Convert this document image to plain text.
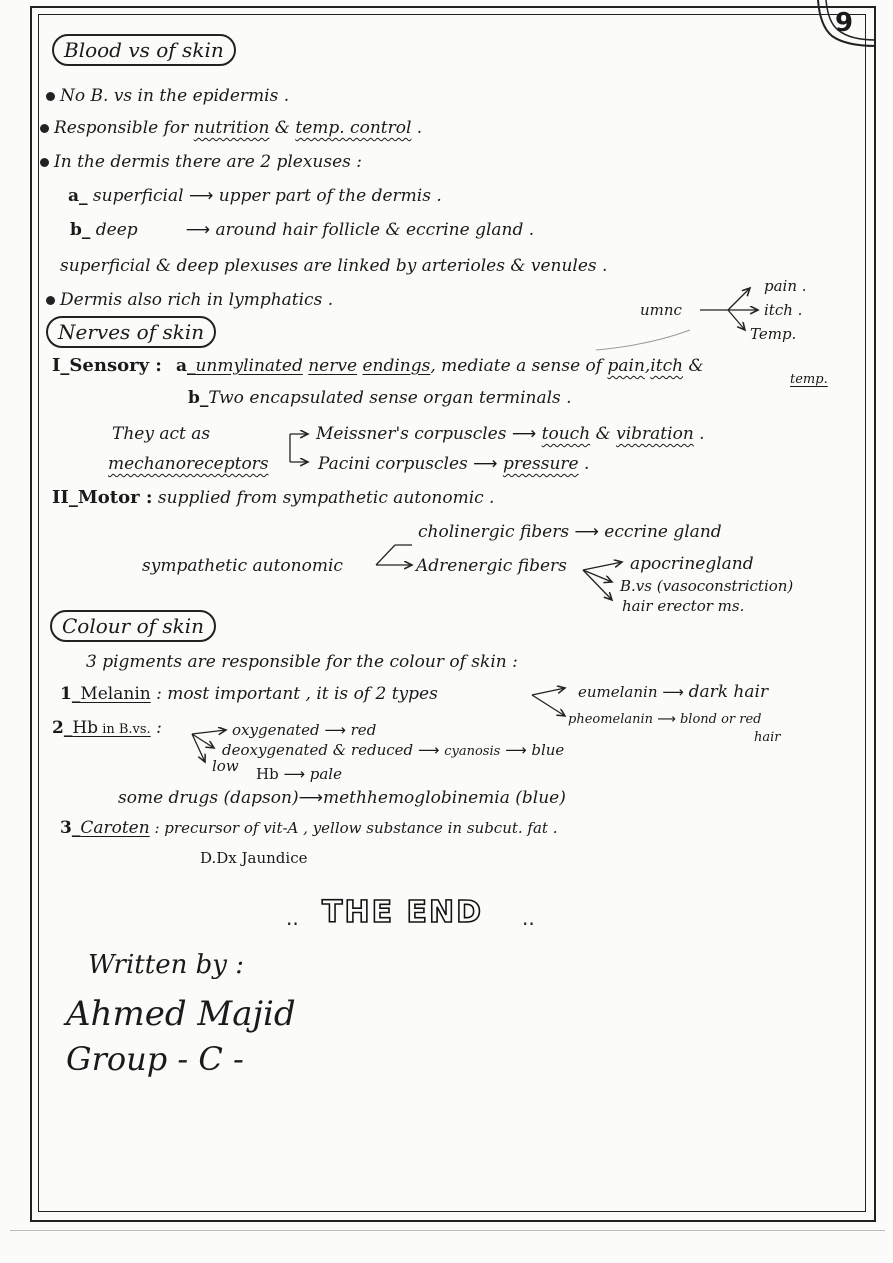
9
Blood vs of skin
No B. vs in the epidermis .
Responsible for nutrition & temp. control .
In the dermis there are 2 plexuses :
a_ superficial ⟶ upper part of the dermis .
b_ deep	⟶ around hair follicle & eccrine gland .
superficial & deep plexuses are linked by arterioles & venules .
Dermis also rich in lymphatics .	umnc
pain .
itch .
Temp.
Nerves of skin
I_Sensory : a_unmylinated nerve endings, mediate a sense of pain,itch &
temp.
b_Two encapsulated sense organ terminals .
They act as
mechanoreceptors
Meissner's corpuscles ⟶ touch & vibration .
Pacini corpuscles ⟶ pressure .
II_Motor : supplied from sympathetic autonomic .
cholinergic fibers ⟶ eccrine gland
sympathetic autonomic	Adrenergic fibers	apocrinegland
B.vs (vasoconstriction)
hair erector ms.
Colour of skin
3 pigments are responsible for the colour of skin :
1_Melanin : most important , it is of 2 types	eumelanin ⟶ dark hair
pheomelanin ⟶ blond or red
hair
2_Hb in B.vs. :	oxygenated ⟶ red
deoxygenated & reduced ⟶ cyanosis ⟶ blue
low Hb ⟶ pale
some drugs (dapson)⟶methhemoglobinemia (blue)
3_Caroten : precursor of vit-A , yellow substance in subcut. fat .
D.Dx Jaundice
.. THE END ..
Written by :
Ahmed Majid
Group - C -
